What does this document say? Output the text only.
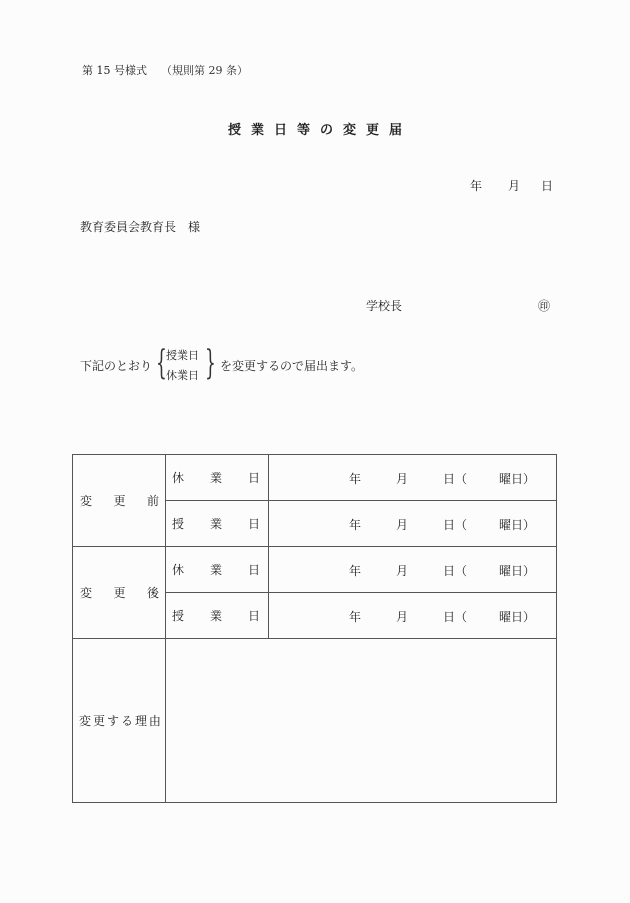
第 15 号様式 （規則第 29 条）
授業日等の変更届
年 月 日
教育委員会教育長 様
学校長	㊞
下記のとおり { 授業日
休業日 } を変更するので届出ます。
変 更 前	休 業 日	年 月 日（ 曜日）

	授 業 日	年 月 日（ 曜日）

変 更 後	休 業 日	年 月 日（ 曜日）

	授 業 日	年 月 日（ 曜日）

変 更 す る 理 由
